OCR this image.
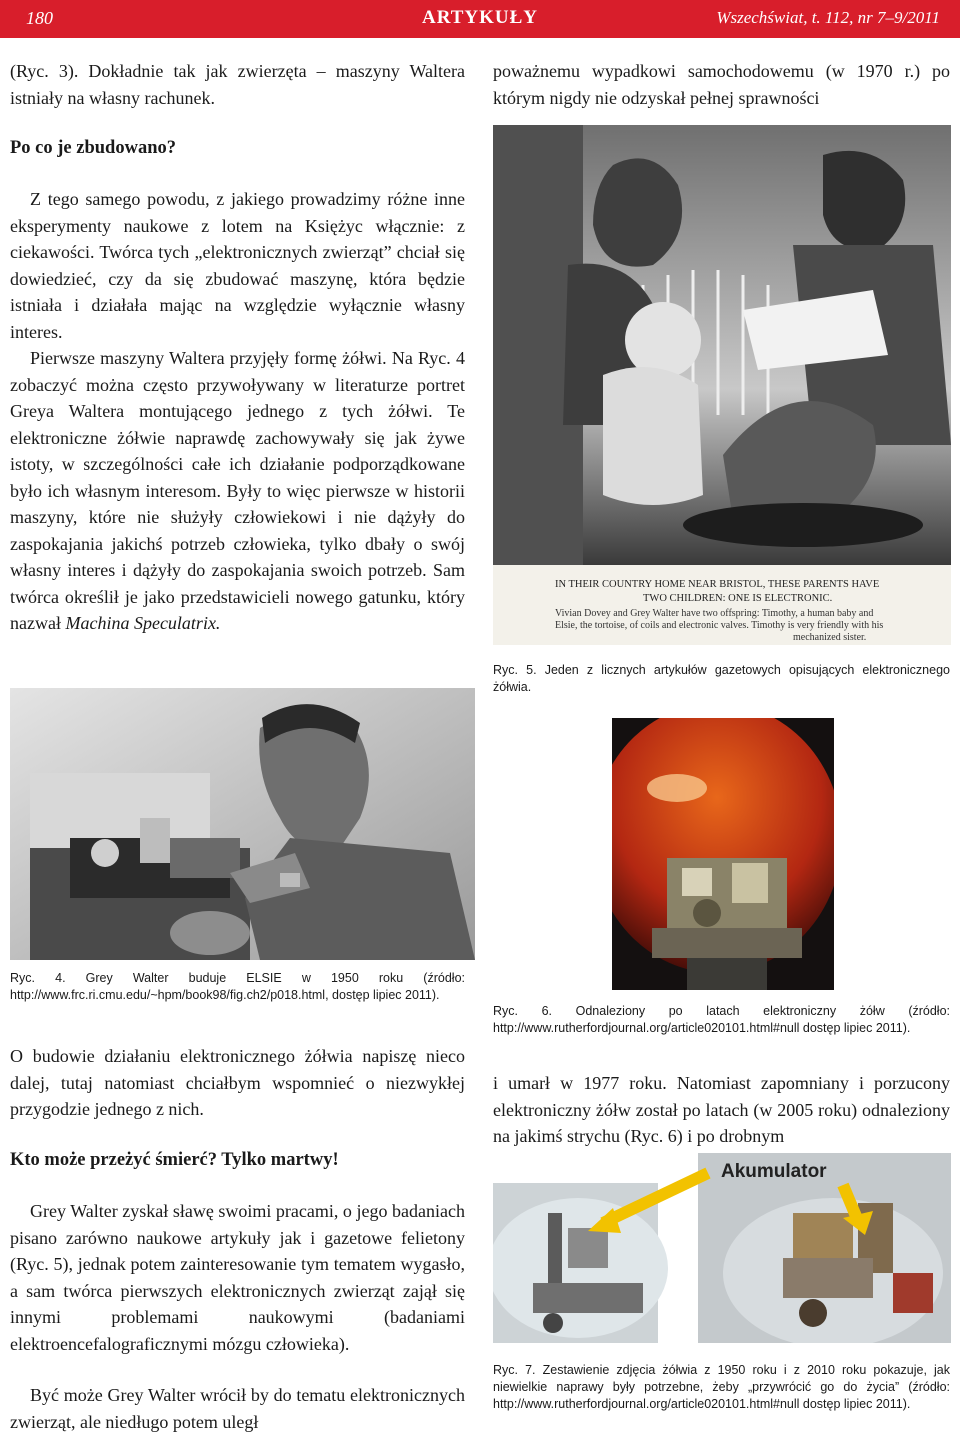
180	ARTYKUŁY	Wszechświat, t. 112, nr 7–9/2011
(Ryc. 3). Dokładnie tak jak zwierzęta – maszyny Waltera istniały na własny rachunek.
Po co je zbudowano?
Z tego samego powodu, z jakiego prowadzimy różne inne eksperymenty naukowe z lotem na Księżyc włącznie: z ciekawości. Twórca tych „elektronicznych zwierząt” chciał się dowiedzieć, czy da się zbudować maszynę, która będzie istniała i działała mając na względzie wyłącznie własny interes.
Pierwsze maszyny Waltera przyjęły formę żółwi. Na Ryc. 4 zobaczyć można często przywoływany w literaturze portret Greya Waltera montującego jednego z tych żółwi. Te elektroniczne żółwie naprawdę zachowywały się jak żywe istoty, w szczególności całe ich działanie podporządkowane było ich własnym interesom. Były to więc pierwsze w historii maszyny, które nie służyły człowiekowi i nie dążyły do zaspokajania jakichś potrzeb człowieka, tylko dbały o swój własny interes i dążyły do zaspokajania swoich potrzeb. Sam twórca określił je jako przedstawicieli nowego gatunku, który nazwał Machina Speculatrix.
Ryc. 4. Grey Walter buduje ELSIE w 1950 roku (źródło: http://www.frc.ri.cmu.edu/~hpm/book98/fig.ch2/p018.html, dostęp lipiec 2011).
O budowie działaniu elektronicznego żółwia napiszę nieco dalej, tutaj natomiast chciałbym wspomnieć o niezwykłej przygodzie jednego z nich.
Kto może przeżyć śmierć? Tylko martwy!
Grey Walter zyskał sławę swoimi pracami, o jego badaniach pisano zarówno naukowe artykuły jak i gazetowe felietony (Ryc. 5), jednak potem zainteresowanie tym tematem wygasło, a sam twórca pierwszych elektronicznych zwierząt zajął się innymi problemami naukowymi (badaniami elektroencefalograficznymi mózgu człowieka).
Być może Grey Walter wrócił by do tematu elektronicznych zwierząt, ale niedługo potem uległ
poważnemu wypadkowi samochodowemu (w 1970 r.) po którym nigdy nie odzyskał pełnej sprawności
IN THEIR COUNTRY HOME NEAR BRISTOL, THESE PARENTS HAVE
TWO CHILDREN: ONE IS ELECTRONIC.
Vivian Dovey and Grey Walter have two offspring: Timothy, a human baby and
Elsie, the tortoise, of coils and electronic valves. Timothy is very friendly with his
mechanized sister.
Ryc. 5. Jeden z licznych artykułów gazetowych opisujących elektronicznego żółwia.
Ryc. 6. Odnaleziony po latach elektroniczny żółw (źródło: http://www.rutherfordjournal.org/article020101.html#null dostęp lipiec 2011).
i umarł w 1977 roku. Natomiast zapomniany i porzucony elektroniczny żółw został po latach (w 2005 roku) odnaleziony na jakimś strychu (Ryc. 6) i po drobnym
Akumulator
Ryc. 7. Zestawienie zdjęcia żółwia z 1950 roku i z 2010 roku pokazuje, jak niewielkie naprawy były potrzebne, żeby „przywrócić go do życia” (źródło: http://www.rutherfordjournal.org/article020101.html#null dostęp lipiec 2011).
